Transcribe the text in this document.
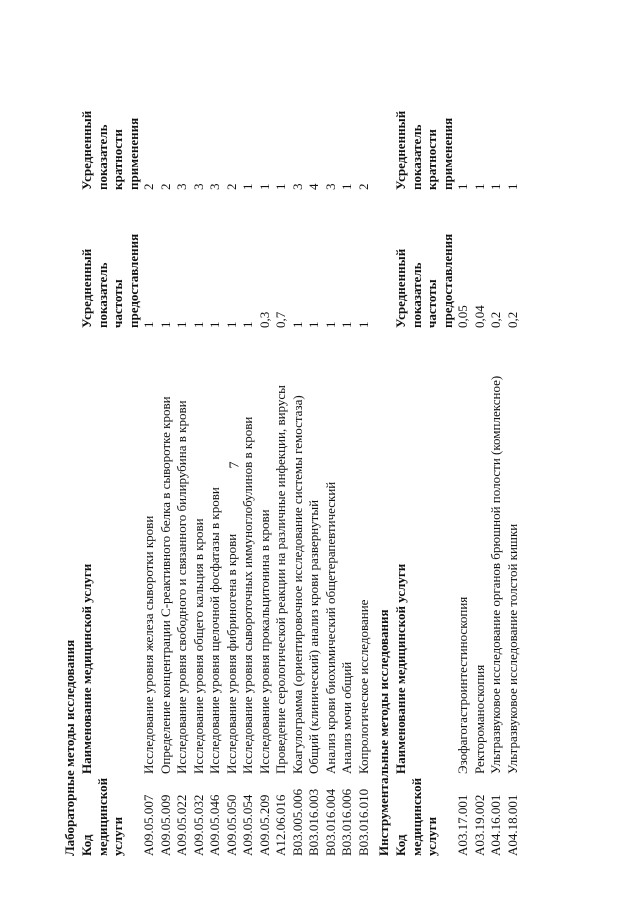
7
Лабораторные методы исследования Код медицинской услуги
Наименование медицинской услуги
Усредненный показатель частоты предоставления
Усредненный показатель кратности применения
A09.05.007
Исследование уровня железа сыворотки крови
1
2
A09.05.009
Определение концентрации С-реактивного белка в сыворотке крови
1
2
A09.05.022
Исследование уровня свободного и связанного билирубина в крови
1
3
A09.05.032
Исследование уровня общего кальция в крови
1
3
A09.05.046
Исследование уровня щелочной фосфатазы в крови
1
3
A09.05.050
Исследование уровня фибриногена в крови
1
2
A09.05.054
Исследование уровня сывороточных иммуноглобулинов в крови
1
1
A09.05.209
Исследование уровня прокальцитонина в крови
0,3
1
A12.06.016
Проведение серологической реакции на различные инфекции, вирусы
0,7
1
B03.005.006
Коагулограмма (ориентировочное исследование системы гемостаза)
1
3
B03.016.003
Общий (клинический) анализ крови развернутый
1
4
B03.016.004
Анализ крови биохимический общетерапевтический
1
3
B03.016.006
Анализ мочи общий
1
1
B03.016.010
Копрологическое исследование
1
2
Инструментальные методы исследования Код медицинской услуги
Наименование медицинской услуги
Усредненный показатель частоты предоставления
Усредненный показатель кратности применения
A03.17.001
Эзофагогастроинтестиноскопия
0,05
1
A03.19.002
Ректороманоскопия
0,04
1
A04.16.001
Ультразвуковое исследование органов брюшной полости (комплексное)
0,2
1
A04.18.001
Ультразвуковое исследование толстой кишки
0,2
1
